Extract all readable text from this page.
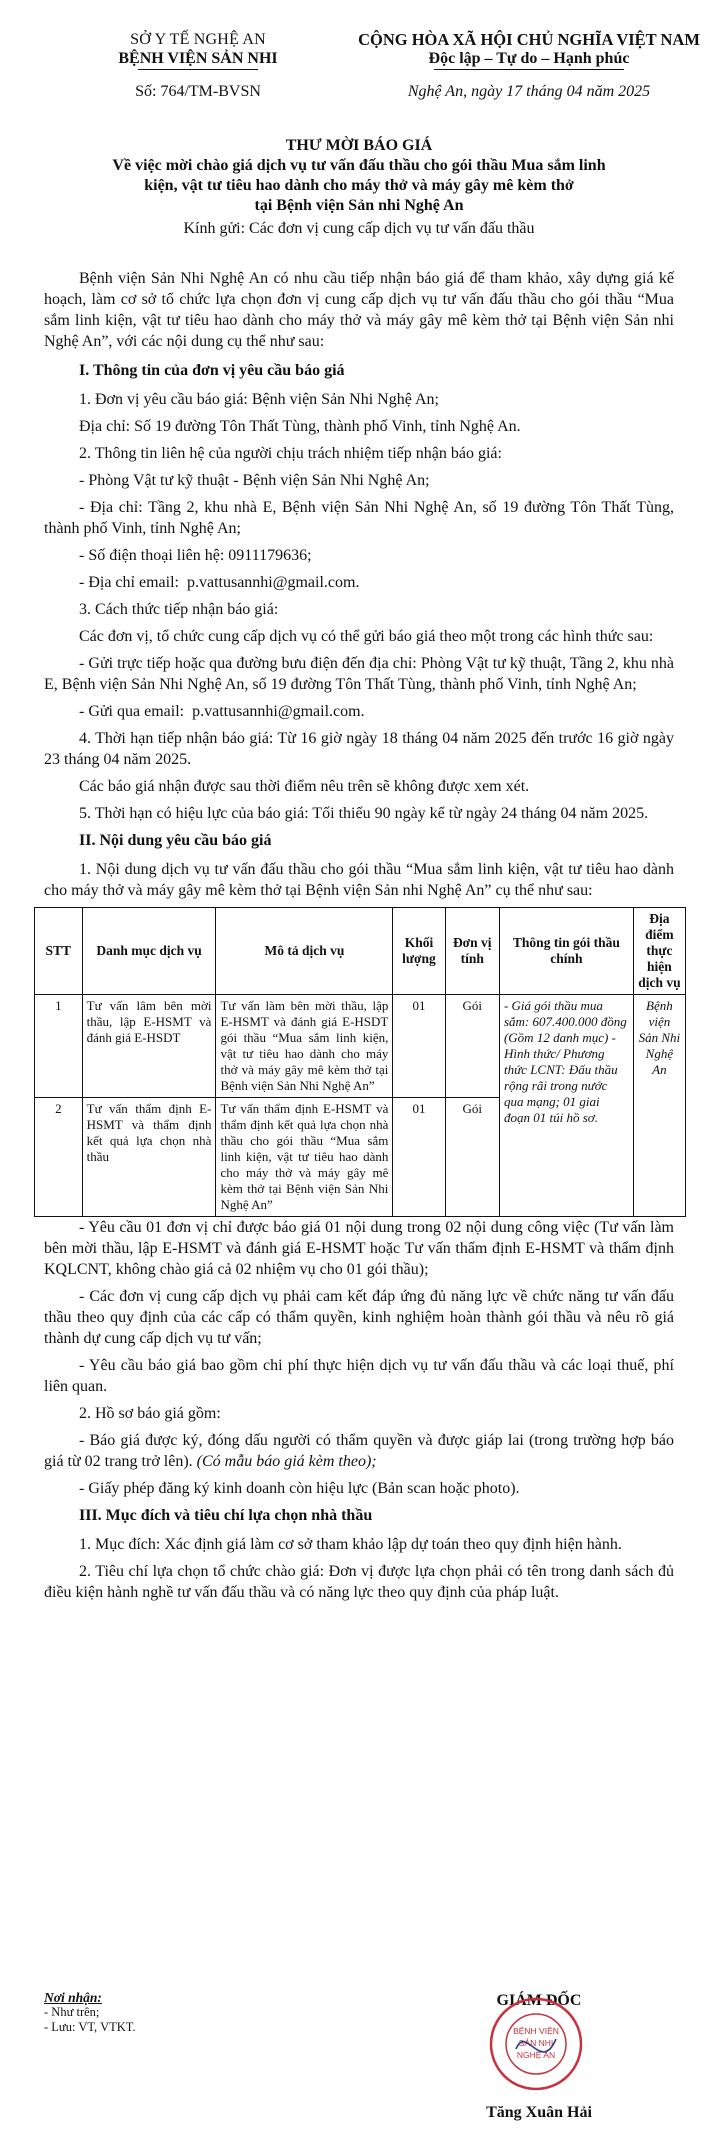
SỞ Y TẾ NGHỆ AN
BỆNH VIỆN SẢN NHI
Số: 764/TM-BVSN
CỘNG HÒA XÃ HỘI CHỦ NGHĨA VIỆT NAM
Độc lập – Tự do – Hạnh phúc
Nghệ An, ngày 17 tháng 04 năm 2025
THƯ MỜI BÁO GIÁ
Về việc mời chào giá dịch vụ tư vấn đấu thầu cho gói thầu Mua sắm linh
kiện, vật tư tiêu hao dành cho máy thở và máy gây mê kèm thở
tại Bệnh viện Sản nhi Nghệ An
Kính gửi: Các đơn vị cung cấp dịch vụ tư vấn đấu thầu

Bệnh viện Sản Nhi Nghệ An có nhu cầu tiếp nhận báo giá để tham khảo, xây dựng giá kế hoạch, làm cơ sở tổ chức lựa chọn đơn vị cung cấp dịch vụ tư vấn đấu thầu cho gói thầu “Mua sắm linh kiện, vật tư tiêu hao dành cho máy thở và máy gây mê kèm thở tại Bệnh viện Sản nhi Nghệ An”, với các nội dung cụ thể như sau:

I. Thông tin của đơn vị yêu cầu báo giá

1. Đơn vị yêu cầu báo giá: Bệnh viện Sản Nhi Nghệ An;

Địa chỉ: Số 19 đường Tôn Thất Tùng, thành phố Vinh, tỉnh Nghệ An.

2. Thông tin liên hệ của người chịu trách nhiệm tiếp nhận báo giá:

- Phòng Vật tư kỹ thuật - Bệnh viện Sản Nhi Nghệ An;

- Địa chỉ: Tầng 2, khu nhà E, Bệnh viện Sản Nhi Nghệ An, số 19 đường Tôn Thất Tùng, thành phố Vinh, tỉnh Nghệ An;

- Số điện thoại liên hệ: 0911179636;

- Địa chỉ email: p.vattusannhi@gmail.com.

3. Cách thức tiếp nhận báo giá:

Các đơn vị, tổ chức cung cấp dịch vụ có thể gửi báo giá theo một trong các hình thức sau:

- Gửi trực tiếp hoặc qua đường bưu điện đến địa chỉ: Phòng Vật tư kỹ thuật, Tầng 2, khu nhà E, Bệnh viện Sản Nhi Nghệ An, số 19 đường Tôn Thất Tùng, thành phố Vinh, tỉnh Nghệ An;

- Gửi qua email: p.vattusannhi@gmail.com.

4. Thời hạn tiếp nhận báo giá: Từ 16 giờ ngày 18 tháng 04 năm 2025 đến trước 16 giờ ngày 23 tháng 04 năm 2025.

Các báo giá nhận được sau thời điểm nêu trên sẽ không được xem xét.

5. Thời hạn có hiệu lực của báo giá: Tối thiểu 90 ngày kể từ ngày 24 tháng 04 năm 2025.

II. Nội dung yêu cầu báo giá

1. Nội dung dịch vụ tư vấn đấu thầu cho gói thầu “Mua sắm linh kiện, vật tư tiêu hao dành cho máy thở và máy gây mê kèm thở tại Bệnh viện Sản nhi Nghệ An” cụ thể như sau:

STT	Danh mục dịch vụ	Mô tả dịch vụ	Khối lượng	Đơn vị tính	Thông tin gói thầu chính	Địa điểm thực hiện dịch vụ
1	Tư vấn lâm bên mời thầu, lập E-HSMT và đánh giá E-HSDT	Tư vấn làm bên mời thầu, lập E-HSMT và đánh giá E-HSDT gói thầu “Mua sắm linh kiện, vật tư tiêu hao dành cho máy thở và máy gây mê kèm thở tại Bệnh viện Sản Nhi Nghệ An”	01	Gói	- Giá gói thầu mua sắm: 607.400.000 đồng (Gồm 12 danh mục) - Hình thức/ Phương thức LCNT: Đấu thầu rộng rãi trong nước qua mạng; 01 giai đoạn 01 túi hồ sơ.	Bệnh viện Sản Nhi Nghệ An
2	Tư vấn thẩm định E-HSMT và thẩm định kết quả lựa chọn nhà thầu	Tư vấn thẩm định E-HSMT và thẩm định kết quả lựa chọn nhà thầu cho gói thầu “Mua sắm linh kiện, vật tư tiêu hao dành cho máy thở và máy gây mê kèm thở tại Bệnh viện Sản Nhi Nghệ An”	01	Gói		

- Yêu cầu 01 đơn vị chỉ được báo giá 01 nội dung trong 02 nội dung công việc (Tư vấn làm bên mời thầu, lập E-HSMT và đánh giá E-HSMT hoặc Tư vấn thẩm định E-HSMT và thẩm định KQLCNT, không chào giá cả 02 nhiệm vụ cho 01 gói thầu);

- Các đơn vị cung cấp dịch vụ phải cam kết đáp ứng đủ năng lực về chức năng tư vấn đấu thầu theo quy định của các cấp có thẩm quyền, kinh nghiệm hoàn thành gói thầu và nêu rõ giá thành dự cung cấp dịch vụ tư vấn;

- Yêu cầu báo giá bao gồm chi phí thực hiện dịch vụ tư vấn đấu thầu và các loại thuế, phí liên quan.

2. Hồ sơ báo giá gồm:

- Báo giá được ký, đóng dấu người có thẩm quyền và được giáp lai (trong trường hợp báo giá từ 02 trang trở lên). (Có mẫu báo giá kèm theo);

- Giấy phép đăng ký kinh doanh còn hiệu lực (Bản scan hoặc photo).

III. Mục đích và tiêu chí lựa chọn nhà thầu

1. Mục đích: Xác định giá làm cơ sở tham khảo lập dự toán theo quy định hiện hành.

2. Tiêu chí lựa chọn tổ chức chào giá: Đơn vị được lựa chọn phải có tên trong danh sách đủ điều kiện hành nghề tư vấn đấu thầu và có năng lực theo quy định của pháp luật.

Nơi nhận:
- Như trên;
- Lưu: VT, VTKT.
GIÁM ĐỐC
BỆNH VIỆN
SẢN NHI
NGHỆ AN
Tăng Xuân Hải
